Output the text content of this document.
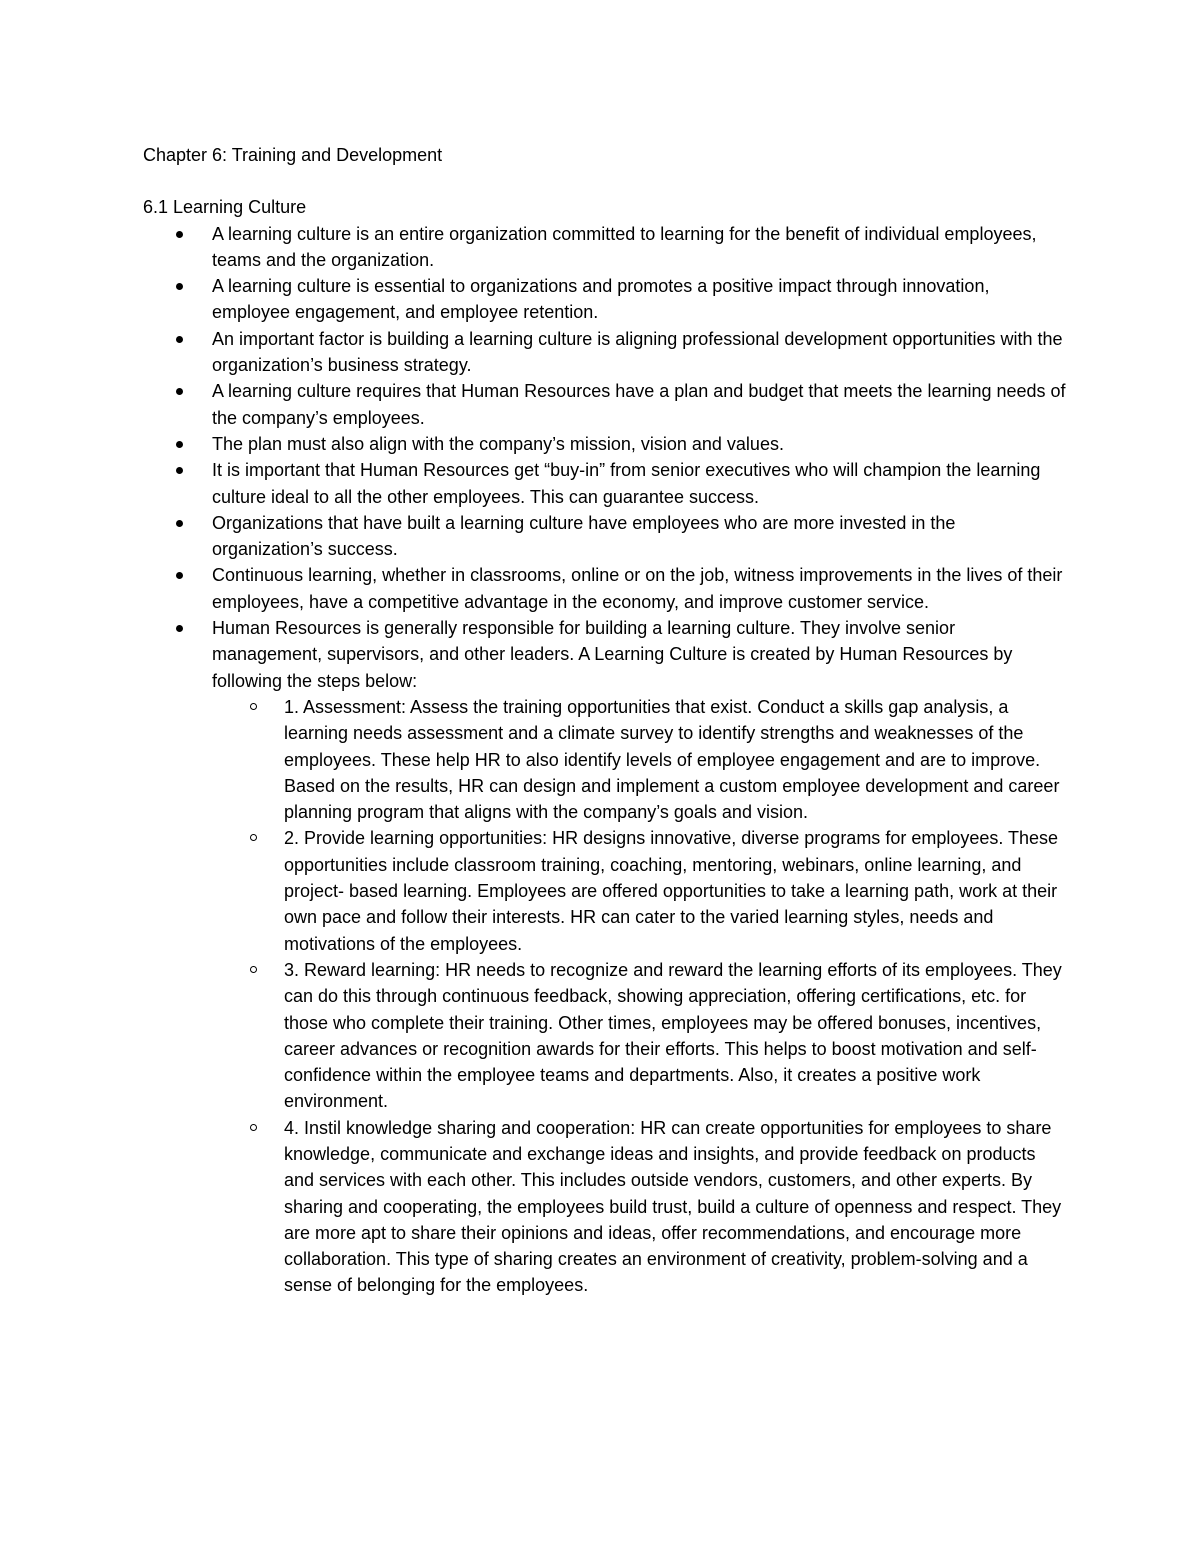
Chapter 6: Training and Development

6.1 Learning Culture

A learning culture is an entire organization committed to learning for the benefit of individual employees, teams and the organization.
A learning culture is essential to organizations and promotes a positive impact through innovation, employee engagement, and employee retention.
An important factor is building a learning culture is aligning professional development opportunities with the organization’s business strategy.
A learning culture requires that Human Resources have a plan and budget that meets the learning needs of the company’s employees.
The plan must also align with the company’s mission, vision and values.
It is important that Human Resources get “buy-in” from senior executives who will champion the learning culture ideal to all the other employees. This can guarantee success.
Organizations that have built a learning culture have employees who are more invested in the organization’s success.
Continuous learning, whether in classrooms, online or on the job, witness improvements in the lives of their employees, have a competitive advantage in the economy, and improve customer service.
Human Resources is generally responsible for building a learning culture. They involve senior management, supervisors, and other leaders. A Learning Culture is created by Human Resources by following the steps below:
1. Assessment: Assess the training opportunities that exist. Conduct a skills gap analysis, a learning needs assessment and a climate survey to identify strengths and weaknesses of the employees. These help HR to also identify levels of employee engagement and are to improve. Based on the results, HR can design and implement a custom employee development and career planning program that aligns with the company’s goals and vision.
2. Provide learning opportunities: HR designs innovative, diverse programs for employees. These opportunities include classroom training, coaching, mentoring, webinars, online learning, and project- based learning. Employees are offered opportunities to take a learning path, work at their own pace and follow their interests. HR can cater to the varied learning styles, needs and motivations of the employees.
3. Reward learning: HR needs to recognize and reward the learning efforts of its employees. They can do this through continuous feedback, showing appreciation, offering certifications, etc. for those who complete their training. Other times, employees may be offered bonuses, incentives, career advances or recognition awards for their efforts. This helps to boost motivation and self-confidence within the employee teams and departments. Also, it creates a positive work environment.
4. Instil knowledge sharing and cooperation: HR can create opportunities for employees to share knowledge, communicate and exchange ideas and insights, and provide feedback on products and services with each other. This includes outside vendors, customers, and other experts. By sharing and cooperating, the employees build trust, build a culture of openness and respect. They are more apt to share their opinions and ideas, offer recommendations, and encourage more collaboration. This type of sharing creates an environment of creativity, problem-solving and a sense of belonging for the employees.
